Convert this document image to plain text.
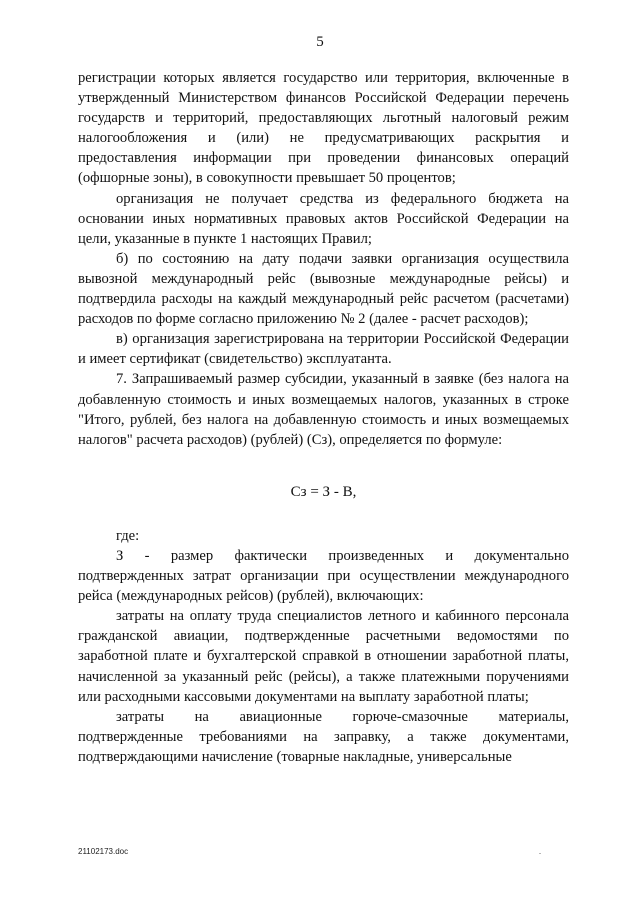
5

регистрации которых является государство или территория, включенные в утвержденный Министерством финансов Российской Федерации перечень государств и территорий, предоставляющих льготный налоговый режим налогообложения и (или) не предусматривающих раскрытия и предоставления информации при проведении финансовых операций (офшорные зоны), в совокупности превышает 50 процентов;

организация не получает средства из федерального бюджета на основании иных нормативных правовых актов Российской Федерации на цели, указанные в пункте 1 настоящих Правил;

б) по состоянию на дату подачи заявки организация осуществила вывозной международный рейс (вывозные международные рейсы) и подтвердила расходы на каждый международный рейс расчетом (расчетами) расходов по форме согласно приложению № 2 (далее - расчет расходов);

в) организация зарегистрирована на территории Российской Федерации и имеет сертификат (свидетельство) эксплуатанта.

7. Запрашиваемый размер субсидии, указанный в заявке (без налога на добавленную стоимость и иных возмещаемых налогов, указанных в строке "Итого, рублей, без налога на добавленную стоимость и иных возмещаемых налогов" расчета расходов) (рублей) (Сз), определяется по формуле:

Сз = З - В,

где:

З - размер фактически произведенных и документально подтвержденных затрат организации при осуществлении международного рейса (международных рейсов) (рублей), включающих:

затраты на оплату труда специалистов летного и кабинного персонала гражданской авиации, подтвержденные расчетными ведомостями по заработной плате и бухгалтерской справкой в отношении заработной платы, начисленной за указанный рейс (рейсы), а также платежными поручениями или расходными кассовыми документами на выплату заработной платы;

затраты на авиационные горюче-смазочные материалы, подтвержденные требованиями на заправку, а также документами, подтверждающими начисление (товарные накладные, универсальные

21102173.doc	.
